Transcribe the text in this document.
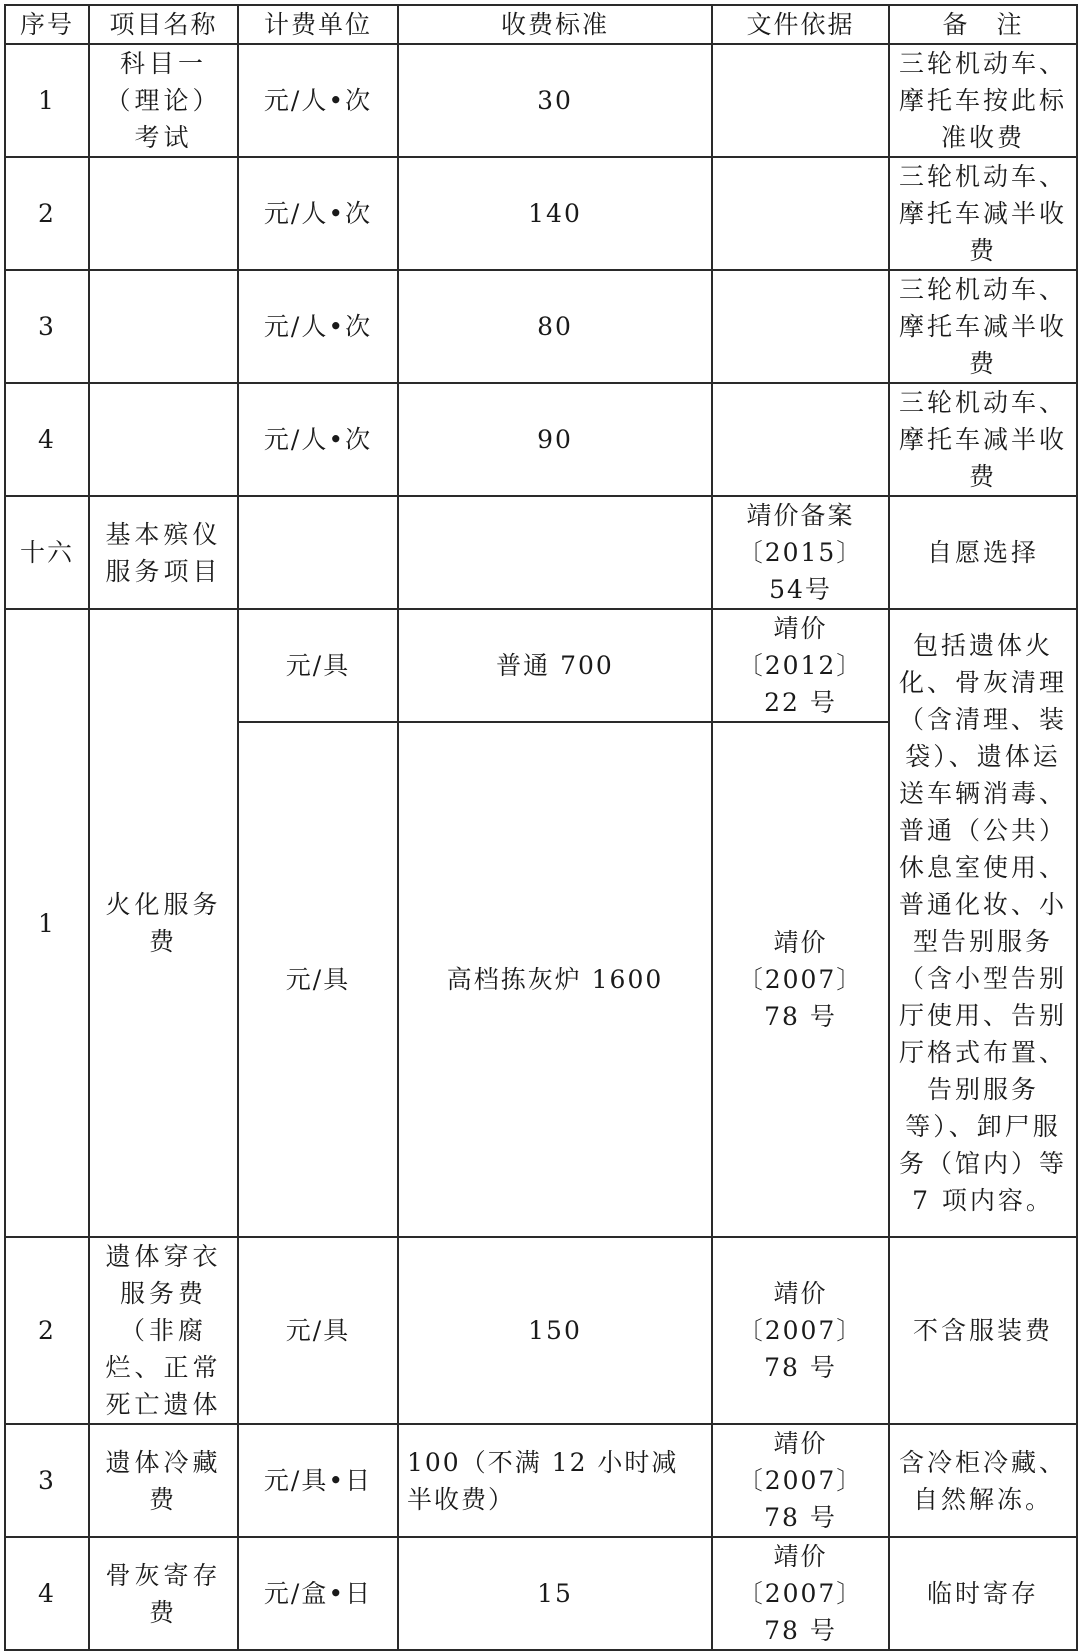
序号	项目名称	计费单位	收费标准	文件依据	备　注
1	科目一（理论）考试	元/人•次	30		三轮机动车、摩托车按此标准收费
2		元/人•次	140		三轮机动车、摩托车减半收费
3		元/人•次	80		三轮机动车、摩托车减半收费
4		元/人•次	90		三轮机动车、摩托车减半收费
十六	基本殡仪服务项目			靖价备案〔2015〕54号	自愿选择
1	火化服务费	元/具	普通 700	靖价〔2012〕22 号	包括遗体火化、骨灰清理（含清理、装袋）、遗体运送车辆消毒、普通（公共）休息室使用、普通化妆、小型告别服务（含小型告别厅使用、告别厅格式布置、告别服务等）、卸尸服务（馆内）等 7 项内容。
		元/具	高档拣灰炉 1600	靖价〔2007〕78 号	
2	遗体穿衣服务费（非腐烂、正常死亡遗体	元/具	150	靖价〔2007〕78 号	不含服装费
3	遗体冷藏费	元/具•日	100（不满 12 小时减半收费）	靖价〔2007〕78 号	含冷柜冷藏、自然解冻。
4	骨灰寄存费	元/盒•日	15	靖价〔2007〕78 号	临时寄存
